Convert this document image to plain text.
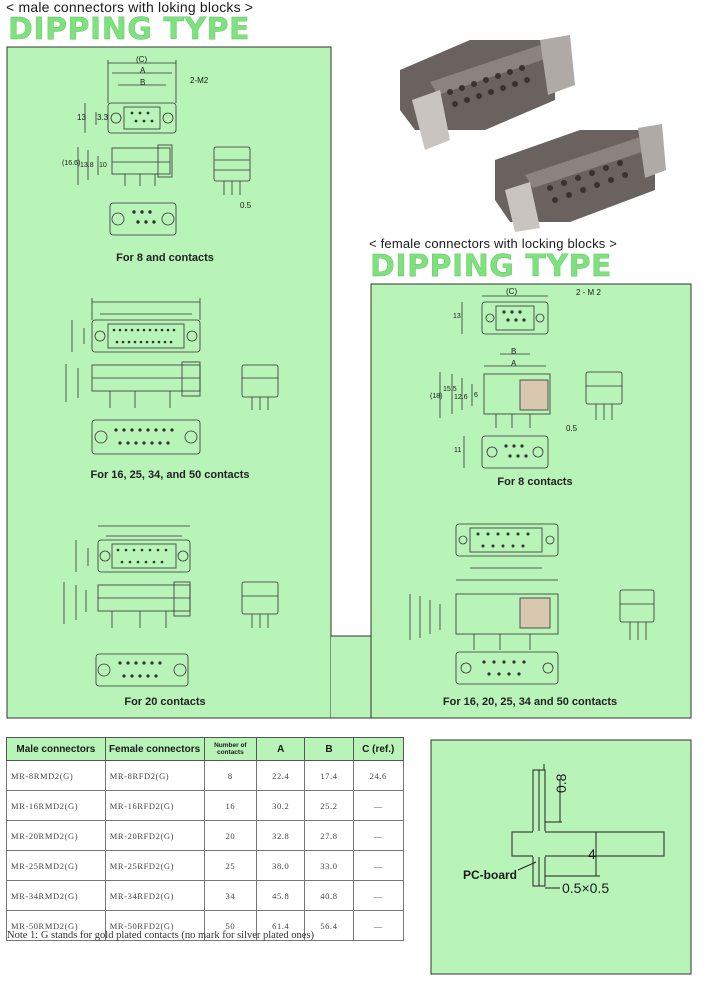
< male connectors with loking blocks >
DIPPING TYPE
< female connectors with locking blocks >
DIPPING TYPE
(C)
A
B	2-M2
13 3.3
(16.6) 13.8 10
0.5
For 8 and contacts
For 16, 25, 34, and 50 contacts
For 20 contacts
(C)	2 - M 2
13
B
A
(18)
15.5
12.6 6
0.5
11
For 8 contacts
For 16, 20, 25, 34 and 50 contacts
Male connectors	Female connectors	Number of contacts	A	B	C (ref.)
MR-8RMD2(G)	MR-8RFD2(G)	8	22.4	17.4	24.6
MR-16RMD2(G)	MR-16RFD2(G)	16	30.2	25.2	—
MR-20RMD2(G)	MR-20RFD2(G)	20	32.8	27.8	—
MR-25RMD2(G)	MR-25RFD2(G)	25	38.0	33.0	—
MR-34RMD2(G)	MR-34RFD2(G)	34	45.8	40.8	—
MR-50RMD2(G)	MR-50RFD2(G)	50	61.4	56.4	—
Note 1: G stands for gold plated contacts (no mark for silver plated ones)
0.8
4
PC-board
0.5×0.5
